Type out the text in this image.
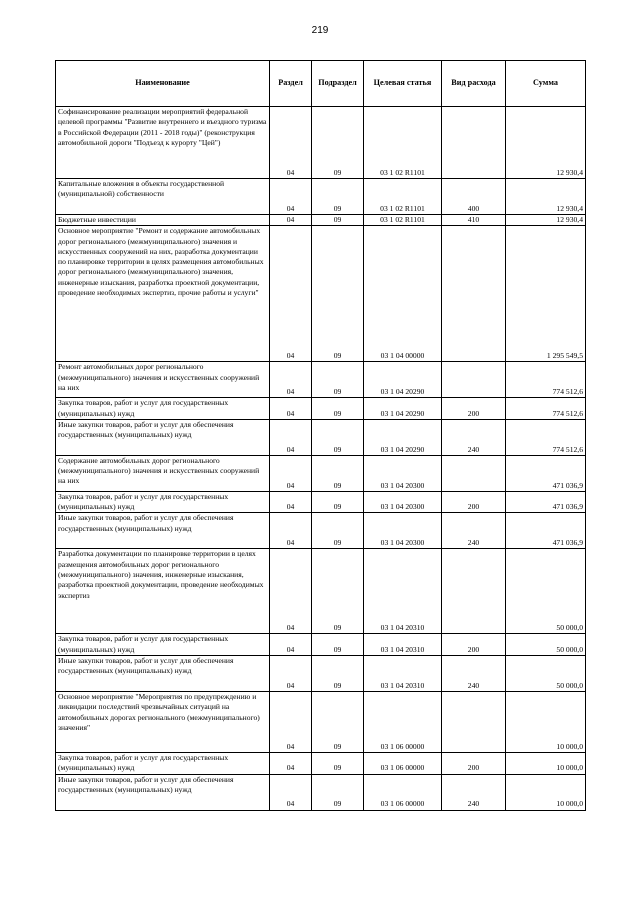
219
Наименование	Раздел	Подраздел	Целевая статья	Вид расхода	Сумма
Софинансирование реализации мероприятий федеральной целевой программы "Развитие внутреннего и въездного туризма в Российской Федерации (2011 - 2018 годы)" (реконструкция автомобильной дороги "Подъезд к курорту "Цей")	04	09	03 1 02 R1101		12 930,4
Капитальные вложения в объекты государственной (муниципальной) собственности	04	09	03 1 02 R1101	400	12 930,4
Бюджетные инвестиции	04	09	03 1 02 R1101	410	12 930,4
Основное мероприятие "Ремонт и содержание автомобильных дорог регионального (межмуниципального) значения и искусственных сооружений на них, разработка документации по планировке территории в целях размещения автомобильных дорог регионального (межмуниципального) значения, инженерные изыскания, разработка проектной документации, проведение необходимых экспертиз, прочие работы и услуги"	04	09	03 1 04 00000		1 295 549,5
Ремонт автомобильных дорог регионального (межмуниципального) значения и искусственных сооружений на них	04	09	03 1 04 20290		774 512,6
Закупка товаров, работ и услуг для государственных (муниципальных) нужд	04	09	03 1 04 20290	200	774 512,6
Иные закупки товаров, работ и услуг для обеспечения государственных (муниципальных) нужд	04	09	03 1 04 20290	240	774 512,6
Содержание автомобильных дорог регионального (межмуниципального) значения и искусственных сооружений на них	04	09	03 1 04 20300		471 036,9
Закупка товаров, работ и услуг для государственных (муниципальных) нужд	04	09	03 1 04 20300	200	471 036,9
Иные закупки товаров, работ и услуг для обеспечения государственных (муниципальных) нужд	04	09	03 1 04 20300	240	471 036,9
Разработка документации по планировке территории в целях размещения автомобильных дорог регионального (межмуниципального) значения, инженерные изыскания, разработка проектной документации, проведение необходимых экспертиз	04	09	03 1 04 20310		50 000,0
Закупка товаров, работ и услуг для государственных (муниципальных) нужд	04	09	03 1 04 20310	200	50 000,0
Иные закупки товаров, работ и услуг для обеспечения государственных (муниципальных) нужд	04	09	03 1 04 20310	240	50 000,0
Основное мероприятие "Мероприятия по предупреждению и ликвидации последствий чрезвычайных ситуаций на автомобильных дорогах регионального (межмуниципального) значения"	04	09	03 1 06 00000		10 000,0
Закупка товаров, работ и услуг для государственных (муниципальных) нужд	04	09	03 1 06 00000	200	10 000,0
Иные закупки товаров, работ и услуг для обеспечения государственных (муниципальных) нужд	04	09	03 1 06 00000	240	10 000,0
